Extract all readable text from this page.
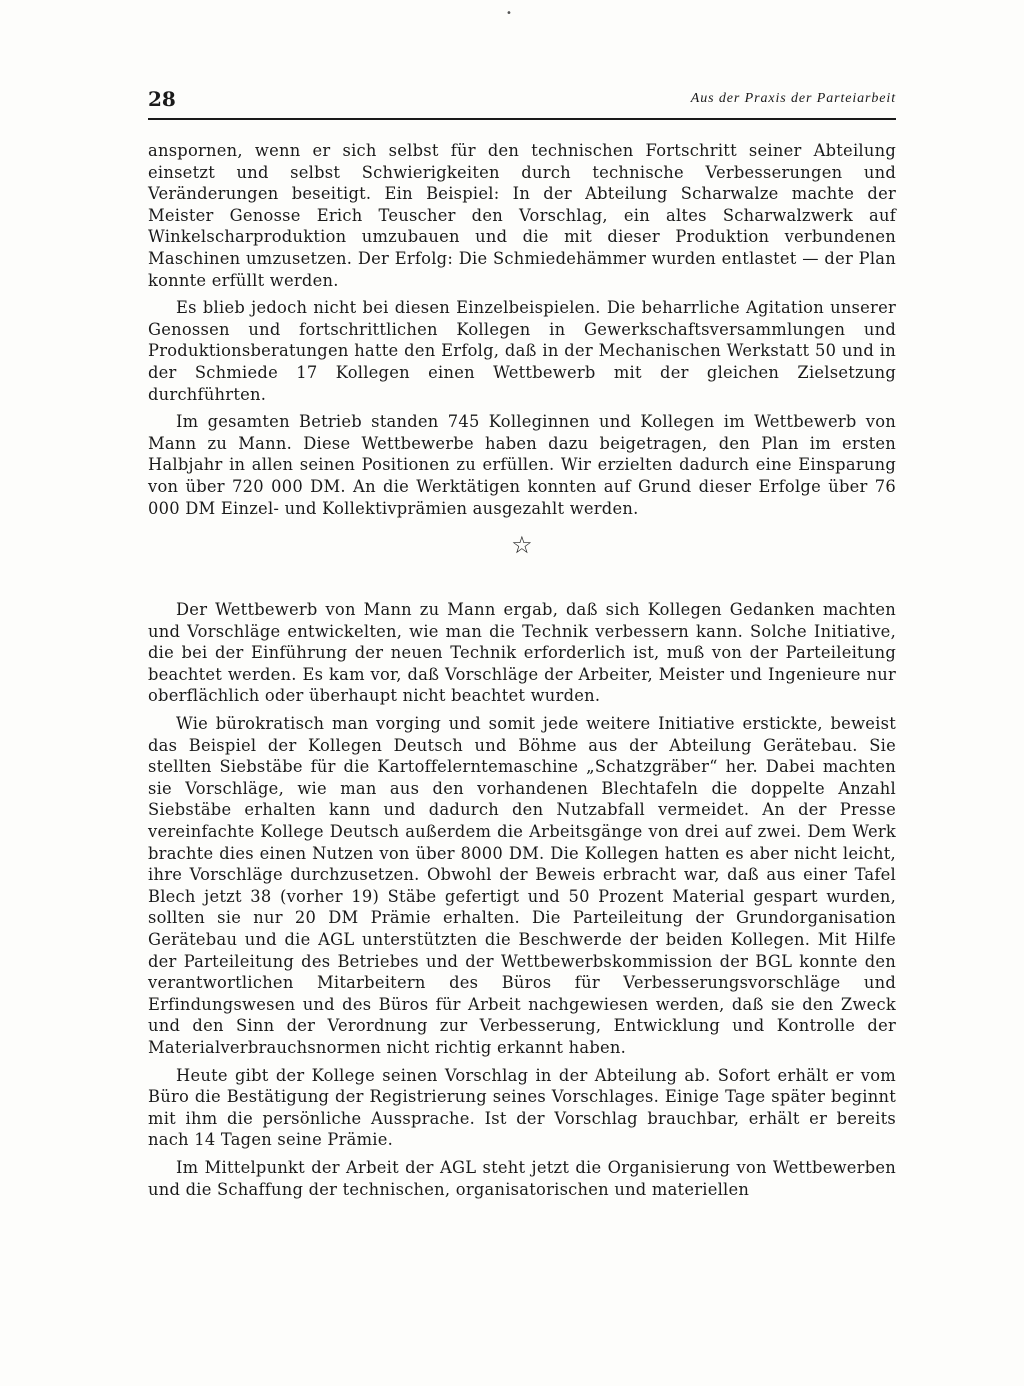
28	Aus der Praxis der Parteiarbeit
•

anspornen, wenn er sich selbst für den technischen Fortschritt seiner Abteilung einsetzt und selbst Schwierigkeiten durch technische Verbesserungen und Veränderungen beseitigt. Ein Beispiel: In der Abteilung Scharwalze machte der Meister Genosse Erich Teuscher den Vorschlag, ein altes Scharwalzwerk auf Winkelscharproduktion umzubauen und die mit dieser Produktion verbundenen Maschinen umzusetzen. Der Erfolg: Die Schmiedehämmer wurden entlastet — der Plan konnte erfüllt werden.

Es blieb jedoch nicht bei diesen Einzelbeispielen. Die beharrliche Agitation unserer Genossen und fortschrittlichen Kollegen in Gewerkschaftsversammlungen und Produktionsberatungen hatte den Erfolg, daß in der Mechanischen Werkstatt 50 und in der Schmiede 17 Kollegen einen Wettbewerb mit der gleichen Zielsetzung durchführten.

Im gesamten Betrieb standen 745 Kolleginnen und Kollegen im Wettbewerb von Mann zu Mann. Diese Wettbewerbe haben dazu beigetragen, den Plan im ersten Halbjahr in allen seinen Positionen zu erfüllen. Wir erzielten dadurch eine Einsparung von über 720 000 DM. An die Werktätigen konnten auf Grund dieser Erfolge über 76 000 DM Einzel- und Kollektivprämien ausgezahlt werden.

☆

Der Wettbewerb von Mann zu Mann ergab, daß sich Kollegen Gedanken machten und Vorschläge entwickelten, wie man die Technik verbessern kann. Solche Initiative, die bei der Einführung der neuen Technik erforderlich ist, muß von der Parteileitung beachtet werden. Es kam vor, daß Vorschläge der Arbeiter, Meister und Ingenieure nur oberflächlich oder überhaupt nicht beachtet wurden.

Wie bürokratisch man vorging und somit jede weitere Initiative erstickte, beweist das Beispiel der Kollegen Deutsch und Böhme aus der Abteilung Gerätebau. Sie stellten Siebstäbe für die Kartoffelerntemaschine „Schatzgräber“ her. Dabei machten sie Vorschläge, wie man aus den vorhandenen Blechtafeln die doppelte Anzahl Siebstäbe erhalten kann und dadurch den Nutzabfall vermeidet. An der Presse vereinfachte Kollege Deutsch außerdem die Arbeitsgänge von drei auf zwei. Dem Werk brachte dies einen Nutzen von über 8000 DM. Die Kollegen hatten es aber nicht leicht, ihre Vorschläge durchzusetzen. Obwohl der Beweis erbracht war, daß aus einer Tafel Blech jetzt 38 (vorher 19) Stäbe gefertigt und 50 Prozent Material gespart wurden, sollten sie nur 20 DM Prämie erhalten. Die Parteileitung der Grundorganisation Gerätebau und die AGL unterstützten die Beschwerde der beiden Kollegen. Mit Hilfe der Parteileitung des Betriebes und der Wettbewerbskommission der BGL konnte den verantwortlichen Mitarbeitern des Büros für Verbesserungsvorschläge und Erfindungswesen und des Büros für Arbeit nachgewiesen werden, daß sie den Zweck und den Sinn der Verordnung zur Verbesserung, Entwicklung und Kontrolle der Materialverbrauchsnormen nicht richtig erkannt haben.

Heute gibt der Kollege seinen Vorschlag in der Abteilung ab. Sofort erhält er vom Büro die Bestätigung der Registrierung seines Vorschlages. Einige Tage später beginnt mit ihm die persönliche Aussprache. Ist der Vorschlag brauchbar, erhält er bereits nach 14 Tagen seine Prämie.

Im Mittelpunkt der Arbeit der AGL steht jetzt die Organisierung von Wettbewerben und die Schaffung der technischen, organisatorischen und materiellen
